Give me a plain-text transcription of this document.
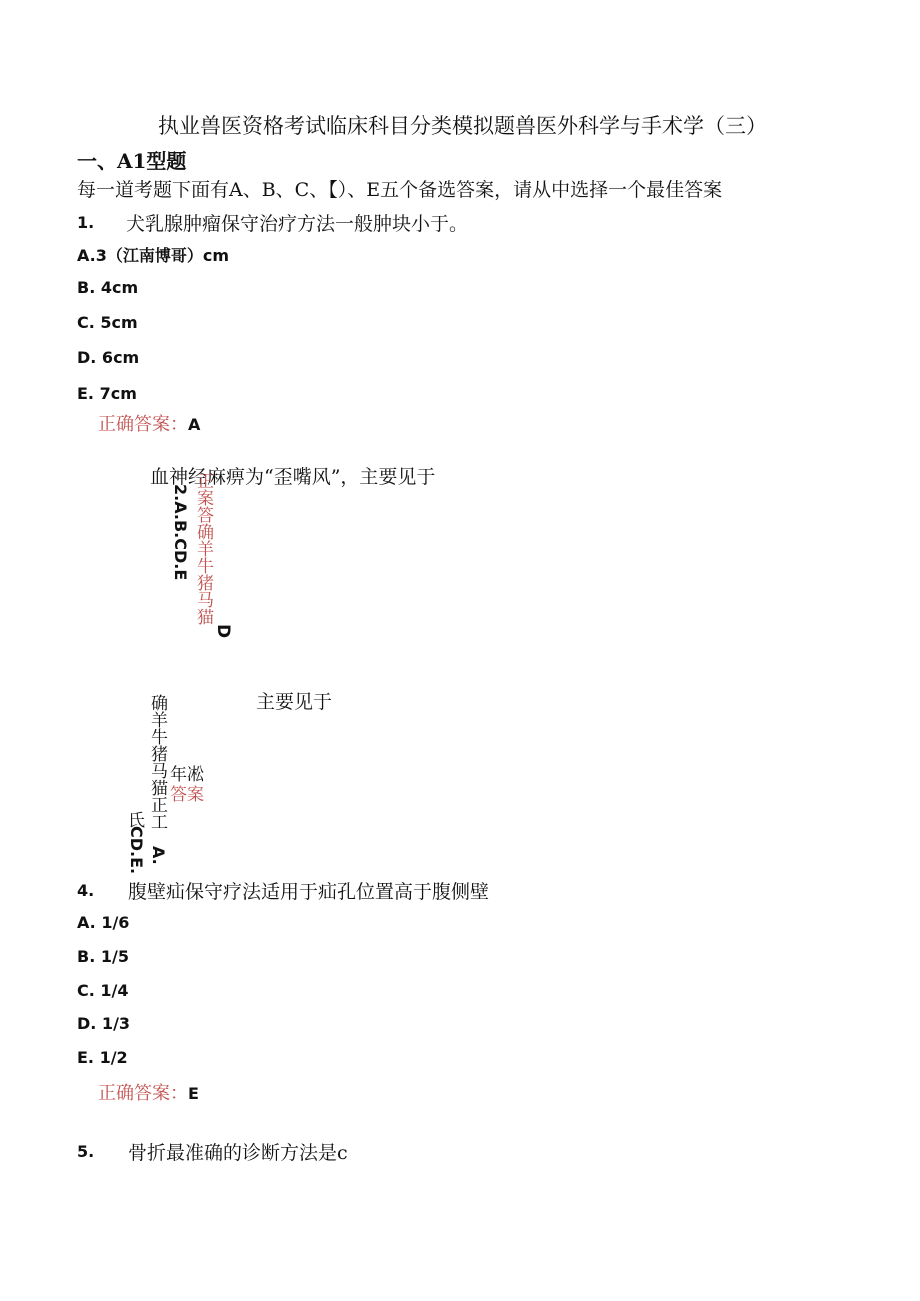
执业兽医资格考试临床科目分类模拟题兽医外科学与手术学（三）
一、A1型题
每一道考题下面有A、B、C、【）、E五个备选答案，请从中选择一个最佳答案
1. 犬乳腺肿瘤保守治疗方法一般肿块小于。
A.3（江南博哥）cm
B. 4cm
C. 5cm
D. 6cm
E. 7cm
正确答案：A
血神经麻痹为“歪嘴风”，主要见于
正案答确羊牛猪马猫
2.A.B.CD.E
D
主要见于
确羊牛猪马猫正工 年凇
答案
氏
CD.E. A.
4. 腹壁疝保守疗法适用于疝孔位置高于腹侧壁
A. 1/6
B. 1/5
C. 1/4
D. 1/3
E. 1/2
正确答案：E
5. 骨折最准确的诊断方法是c
